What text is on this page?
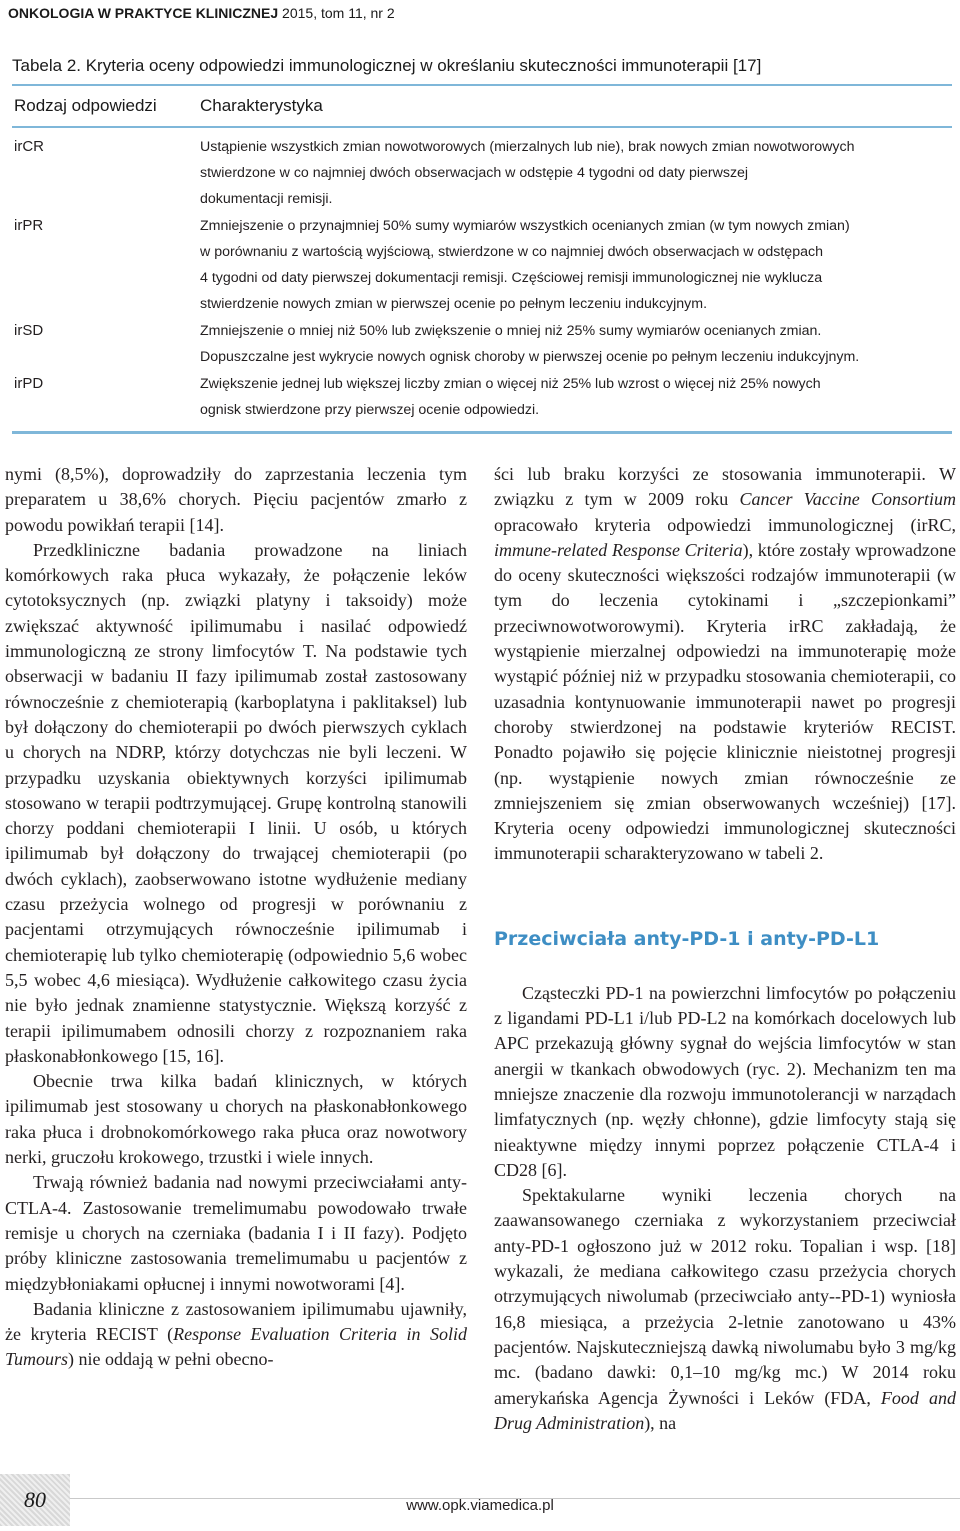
ONKOLOGIA W PRAKTYCE KLINICZNEJ 2015, tom 11, nr 2
Tabela 2. Kryteria oceny odpowiedzi immunologicznej w określaniu skuteczności immunoterapii [17]
Rodzaj odpowiedzi	Charakterystyka
irCR	Ustąpienie wszystkich zmian nowotworowych (mierzalnych lub nie), brak nowych zmian nowotworowych
stwierdzone w co najmniej dwóch obserwacjach w odstępie 4 tygodni od daty pierwszej
dokumentacji remisji.
irPR	Zmniejszenie o przynajmniej 50% sumy wymiarów wszystkich ocenianych zmian (w tym nowych zmian)
w porównaniu z wartością wyjściową, stwierdzone w co najmniej dwóch obserwacjach w odstępach
4 tygodni od daty pierwszej dokumentacji remisji. Częściowej remisji immunologicznej nie wyklucza
stwierdzenie nowych zmian w pierwszej ocenie po pełnym leczeniu indukcyjnym.
irSD	Zmniejszenie o mniej niż 50% lub zwiększenie o mniej niż 25% sumy wymiarów ocenianych zmian.
Dopuszczalne jest wykrycie nowych ognisk choroby w pierwszej ocenie po pełnym leczeniu indukcyjnym.
irPD	Zwiększenie jednej lub większej liczby zmian o więcej niż 25% lub wzrost o więcej niż 25% nowych
ognisk stwierdzone przy pierwszej ocenie odpowiedzi.

nymi (8,5%), doprowadziły do zaprzestania leczenia tym preparatem u 38,6% chorych. Pięciu pacjentów zmarło z powodu powikłań terapii [14].

Przedkliniczne badania prowadzone na liniach komórkowych raka płuca wykazały, że połączenie leków cytotoksycznych (np. związki platyny i taksoidy) może zwiększać aktywność ipilimumabu i nasilać odpowiedź immunologiczną ze strony limfocytów T. Na podstawie tych obserwacji w badaniu II fazy ipilimumab został zastosowany równocześnie z chemioterapią (karboplatyna i paklitaksel) lub był dołączony do chemioterapii po dwóch pierwszych cyklach u chorych na NDRP, którzy dotychczas nie byli leczeni. W przypadku uzyskania obiektywnych korzyści ipilimumab stosowano w terapii podtrzymującej. Grupę kontrolną stanowili chorzy poddani chemioterapii I linii. U osób, u których ipilimumab był dołączony do trwającej chemioterapii (po dwóch cyklach), zaobserwowano istotne wydłużenie mediany czasu przeżycia wolnego od progresji w porównaniu z pacjentami otrzymujących równocześnie ipilimumab i chemioterapię lub tylko chemioterapię (odpowiednio 5,6 wobec 5,5 wobec 4,6 miesiąca). Wydłużenie całkowitego czasu życia nie było jednak znamienne statystycznie. Większą korzyść z terapii ipilimumabem odnosili chorzy z rozpoznaniem raka płaskonabłonkowego [15, 16].

Obecnie trwa kilka badań klinicznych, w których ipilimumab jest stosowany u chorych na płaskonabłonkowego raka płuca i drobnokomórkowego raka płuca oraz nowotwory nerki, gruczołu krokowego, trzustki i wiele innych.

Trwają również badania nad nowymi przeciwciałami anty-CTLA-4. Zastosowanie tremelimumabu powodowało trwałe remisje u chorych na czerniaka (badania I i II fazy). Podjęto próby kliniczne zastosowania tremelimumabu u pacjentów z międzybłoniakami opłucnej i innymi nowotworami [4].

Badania kliniczne z zastosowaniem ipilimumabu ujawniły, że kryteria RECIST (Response Evaluation Criteria in Solid Tumours) nie oddają w pełni obecno-

ści lub braku korzyści ze stosowania immunoterapii. W związku z tym w 2009 roku Cancer Vaccine Consortium opracowało kryteria odpowiedzi immunologicznej (irRC, immune-related Response Criteria), które zostały wprowadzone do oceny skuteczności większości rodzajów immunoterapii (w tym do leczenia cytokinami i „szczepionkami” przeciwnowotworowymi). Kryteria irRC zakładają, że wystąpienie mierzalnej odpowiedzi na immunoterapię może wystąpić później niż w przypadku stosowania chemioterapii, co uzasadnia kontynuowanie immunoterapii nawet po progresji choroby stwierdzonej na podstawie kryteriów RECIST. Ponadto pojawiło się pojęcie klinicznie nieistotnej progresji (np. wystąpienie nowych zmian równocześnie ze zmniejszeniem się zmian obserwowanych wcześniej) [17]. Kryteria oceny odpowiedzi immunologicznej skuteczności immunoterapii scharakteryzowano w tabeli 2.

Przeciwciała anty-PD-1 i anty-PD-L1

Cząsteczki PD-1 na powierzchni limfocytów po połączeniu z ligandami PD-L1 i/lub PD-L2 na komórkach docelowych lub APC przekazują główny sygnał do wejścia limfocytów w stan anergii w tkankach obwodowych (ryc. 2). Mechanizm ten ma mniejsze znaczenie dla rozwoju immunotolerancji w narządach limfatycznych (np. węzły chłonne), gdzie limfocyty stają się nieaktywne między innymi poprzez połączenie CTLA-4 i CD28 [6].

Spektakularne wyniki leczenia chorych na zaawansowanego czerniaka z wykorzystaniem przeciwciał anty-PD-1 ogłoszono już w 2012 roku. Topalian i wsp. [18] wykazali, że mediana całkowitego czasu przeżycia chorych otrzymujących niwolumab (przeciwciało anty--PD-1) wyniosła 16,8 miesiąca, a przeżycia 2-letnie zanotowano u 43% pacjentów. Najskuteczniejszą dawką niwolumabu było 3 mg/kg mc. (badano dawki: 0,1–10 mg/kg mc.) W 2014 roku amerykańska Agencja Żywności i Leków (FDA, Food and Drug Administration), na

80	www.opk.viamedica.pl
